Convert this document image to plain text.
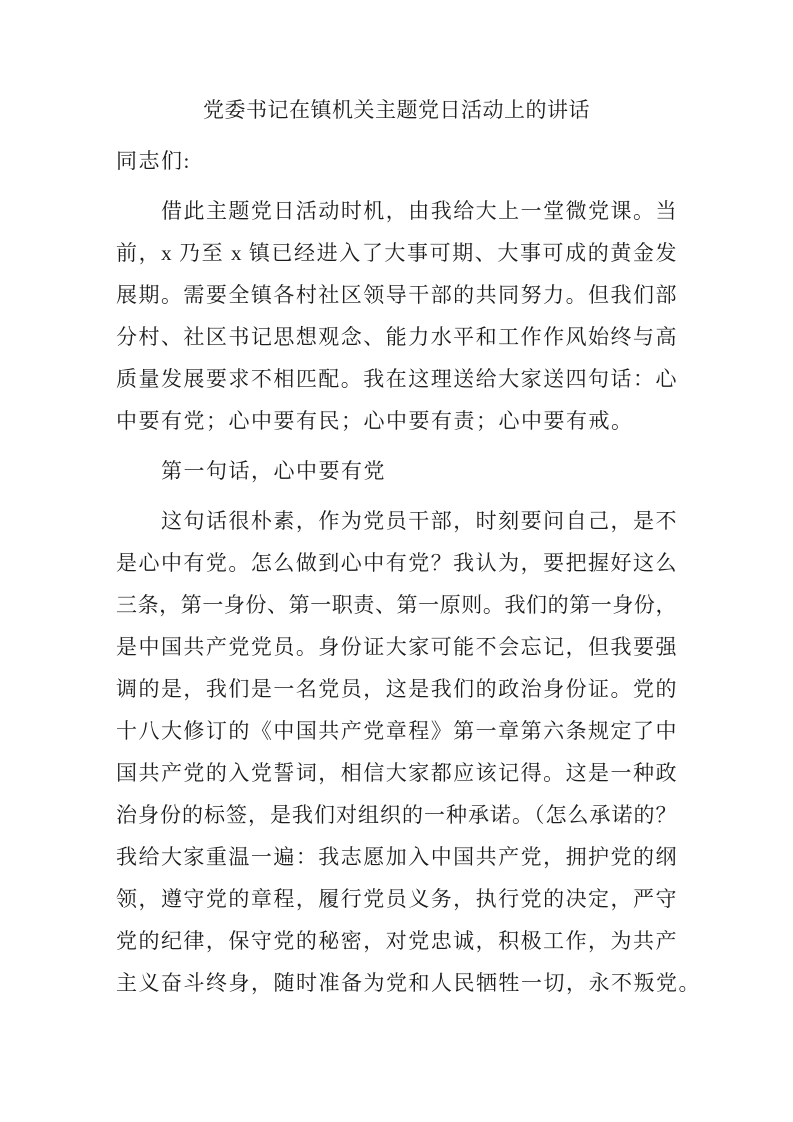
党委书记在镇机关主题党日活动上的讲话
同志们:
借此主题党日活动时机，由我给大上一堂微党课。当
前，x 乃至 x 镇已经进入了大事可期、大事可成的黄金发
展期。需要全镇各村社区领导干部的共同努力。但我们部
分村、社区书记思想观念、能力水平和工作作风始终与高
质量发展要求不相匹配。我在这理送给大家送四句话：心
中要有党；心中要有民；心中要有责；心中要有戒。
第一句话，心中要有党
这句话很朴素，作为党员干部，时刻要问自己，是不
是心中有党。怎么做到心中有党？我认为，要把握好这么
三条，第一身份、第一职责、第一原则。我们的第一身份，
是中国共产党党员。身份证大家可能不会忘记，但我要强
调的是，我们是一名党员，这是我们的政治身份证。党的
十八大修订的《中国共产党章程》第一章第六条规定了中
国共产党的入党誓词，相信大家都应该记得。这是一种政
治身份的标签，是我们对组织的一种承诺。（怎么承诺的？
我给大家重温一遍：我志愿加入中国共产党，拥护党的纲
领，遵守党的章程，履行党员义务，执行党的决定，严守
党的纪律，保守党的秘密，对党忠诚，积极工作，为共产
主义奋斗终身，随时准备为党和人民牺牲一切，永不叛党。
